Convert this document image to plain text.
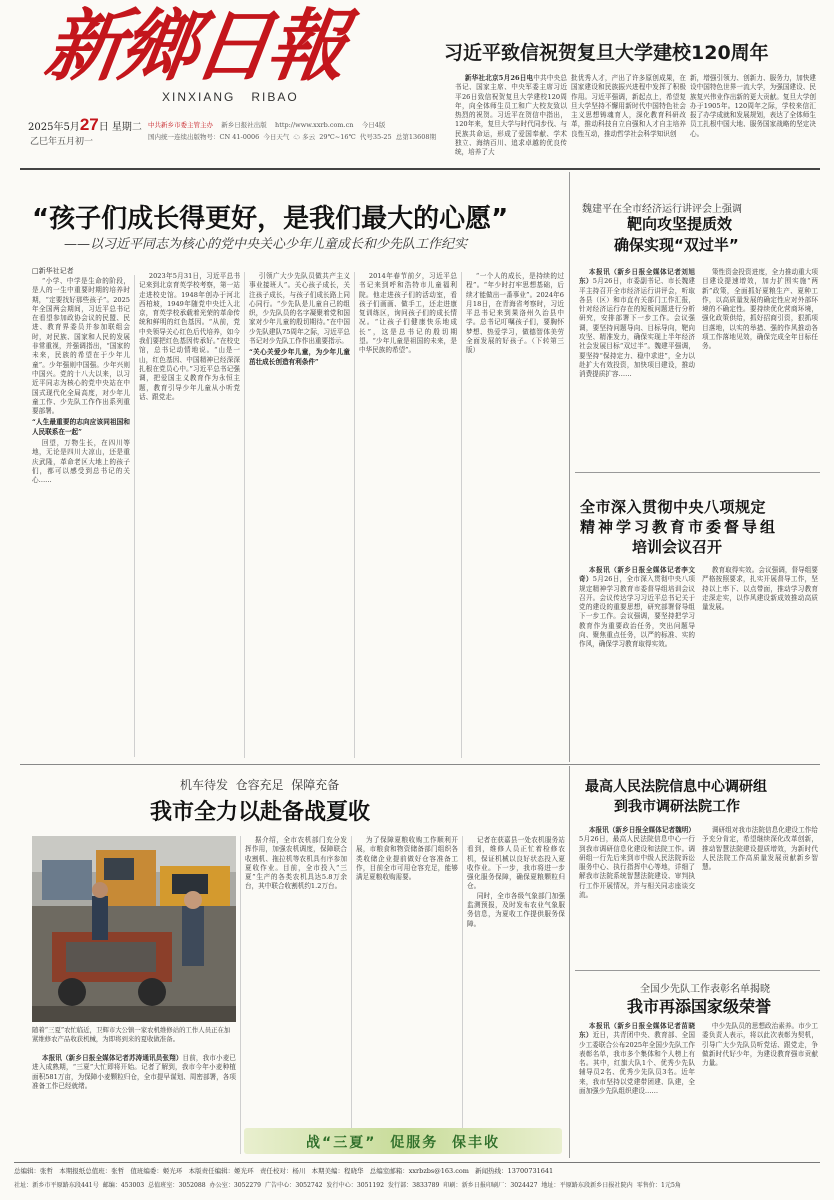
新鄉日報
XINXIANG   RIBAO
2025年5月27日 星期二
乙巳年五月初一
中共新乡市委主管主办 新乡日报社出版 http://www.xxrb.com.cn 今日4版
国内统一连续出版物号：CN 41-0006 今日天气 ☁ 多云 29℃~16℃ 代号35-25 总第13608期
习近平致信祝贺复旦大学建校120周年

新华社北京5月26日电中共中央总书记、国家主席、中央军委主席习近平26日致信祝贺复旦大学建校120周年，向全体师生员工和广大校友致以热烈的祝贺。习近平在贺信中指出，120年来，复旦大学与时代同步伐、与民族共命运，形成了爱国奉献、学术独立、海纳百川、追求卓越的优良传统，培养了大

批优秀人才，产出了许多原创成果，在国家建设和民族振兴进程中发挥了积极作用。习近平强调，新起点上，希望复旦大学坚持不懈用新时代中国特色社会主义思想铸魂育人，深化教育科研改革，推动科技自立自强和人才自主培养良性互动，推动哲学社会科学知识创

新，增强引领力、创新力、服务力，加快建设中国特色世界一流大学，为强国建设、民族复兴伟业作出新的更大贡献。复旦大学创办于1905年。120周年之际，学校来信汇报了办学成就和发展规划，表达了全体师生员工扎根中国大地、服务国家战略的坚定决心。

“孩子们成长得更好，是我们最大的心愿”
——以习近平同志为核心的党中央关心少年儿童成长和少先队工作纪实
□新华社记者

“小学、中学是生命的阶段，是人的一生中重要时期的培养时期，“定要找好那些孩子”。2025年全国两会期间，习近平总书记在看望参加政协会议的民盟、民进、教育界委员并参加联组会时，对民族、国家和人民的发展非常重视，并强调指出，“国家的未来，民族的希望在于少年儿童”。少年强则中国强。少年兴则中国兴。党的十八大以来，以习近平同志为核心的党中央站在中国式现代化全局高度，对少年儿童工作、少先队工作作出系列重要部署。

“人生最重要的志向应该同祖国和人民联系在一起”

回望，万物生长，在四川等地，无论是四川大凉山，还是重庆武隆，革命老区大地上的孩子们，都可以感受到总书记的关心……

2023年5月31日，习近平总书记来到北京育英学校考察，第一站走进校史馆。1948年创办于河北西柏坡，1949年随党中央迁入北京，育英学校承载着光荣的革命传统和鲜明的红色基因。“从前，党中央领导关心红色后代培养，如今我们要把红色基因传承好。”在校史馆，总书记动情地说。“山是一山，红色基因、中国精神已经深深扎根在党员心中。”习近平总书记强调，把爱国主义教育作为永恒主题，教育引导少年儿童从小听党话、跟党走。

引领广大少先队员做共产主义事业接班人”。关心孩子成长，关注孩子成长，与孩子们成长路上同心同行。“少先队是儿童自己的组织，少先队员的名字凝聚着党和国家对少年儿童的殷切期待。”在中国少先队建队75周年之际，习近平总书记对少先队工作作出重要指示。

“关心关爱少年儿童，为少年儿童茁壮成长创造有利条件”

2014年春节前夕，习近平总书记来到呼和浩特市儿童福利院。他走进孩子们的活动室，看孩子们画画、做手工，还走进康复训练区，询问孩子们的成长情况。“让孩子们健康快乐地成长”，这是总书记的殷切期望。“少年儿童是祖国的未来，是中华民族的希望”。

“一个人的成长，是持续的过程”。“年少时打牢思想基础，后续才能做出一番事业”。2024年6月18日，在青海省考察时，习近平总书记来到果洛州久治县中学。总书记叮嘱孩子们，要胸怀梦想、热爱学习，做德智体美劳全面发展的好孩子。（下转第三版）

魏建平在全市经济运行讲评会上强调
靶向攻坚提质效
确保实现“双过半”

本报讯（新乡日报全媒体记者刘旭东）5月26日，市委副书记、市长魏建平主持召开全市经济运行讲评会，听取各县（区）和市直有关部门工作汇报，针对经济运行存在的短板问题进行分析研究，安排部署下一步工作。会议强调，要坚持问题导向、目标导向，靶向攻坚、精准发力，确保实现上半年经济社会发展目标“双过半”。魏建平强调，要坚持“保持定力、稳中求进”，全力以赴扩大有效投资，加快项目建设，推动消费提质扩容……

策性资金投资进度，全力推动重大项目建设提速增效，加力扩围实施“两新”政策，全面抓好夏粮生产、夏种工作，以高质量发展的确定性应对外部环境的不确定性。要持续优化营商环境，强化政策供给，抓好招商引资，狠抓项目落地，以实的举措、强的作风推动各项工作落地见效，确保完成全年目标任务。

全市深入贯彻中央八项规定
精神学习教育市委督导组
培训会议召开

本报讯（新乡日报全媒体记者李文奇）5月26日，全市深入贯彻中央八项规定精神学习教育市委督导组培训会议召开。会议传达学习习近平总书记关于党的建设的重要思想，研究部署督导组下一步工作。会议强调，要坚持把学习教育作为重要政治任务，突出问题导向、聚焦重点任务，以严的标准、实的作风，确保学习教育取得实效。

教育取得实效。会议强调，督导组要严格按照要求，扎实开展督导工作，坚持以上率下、以点带面，推动学习教育走深走实，以作风建设新成效推动高质量发展。

最高人民法院信息中心调研组
到我市调研法院工作

本报讯（新乡日报全媒体记者魏明）5月26日，最高人民法院信息中心一行到我市调研信息化建设和法院工作。调研组一行先后来到市中级人民法院诉讼服务中心、执行指挥中心等地，详细了解我市法院系统智慧法院建设、审判执行工作开展情况，并与相关同志座谈交流。

调研组对我市法院信息化建设工作给予充分肯定，希望继续深化改革创新，推动智慧法院建设提质增效，为新时代人民法院工作高质量发展贡献新乡智慧。

全国少先队工作表彰名单揭晓
我市再添国家级荣誉

本报讯（新乡日报全媒体记者苗晓东）近日，共青团中央、教育部、全国少工委联合公布2025年全国少先队工作表彰名单，我市多个集体和个人榜上有名。其中，红旗大队1个、优秀少先队辅导员2名、优秀少先队员3名。近年来，我市坚持以党建带团建、队建，全面加强少先队组织建设……

中少先队员的思想政治素养。市少工委负责人表示，将以此次表彰为契机，引导广大少先队员听党话、跟党走，争做新时代好少年，为建设教育强市贡献力量。

机车待发  仓容充足  保障充备
我市全力以赴备战夏收
随着“三夏”农忙临近，卫辉市大公镇一家农机维修站的工作人员正在加紧维修农产品收获机械，为即将到来的夏收做准备。

本报讯（新乡日报全媒体记者苏涛通讯员张翔）目前，我市小麦已进入成熟期，“三夏”大忙即将开始。记者了解到，我市今年小麦种植面积581万亩，为保障小麦颗粒归仓，全市提早谋划、周密部署，各项准备工作已经就绪。

据介绍，全市农机部门充分发挥作用，加强农机调度，保障联合收割机、拖拉机等农机具有序参加夏收作业。目前，全市投入“三夏”生产的各类农机具达5.8万余台，其中联合收割机约1.2万台。

为了保障夏粮收购工作顺利开展，市粮食和物资储备部门组织各类收储企业提前做好仓容准备工作，目前全市可用仓容充足，能够满足夏粮收购需要。

记者在获嘉县一处农机服务站看到，维修人员正忙着检修农机，保证机械以良好状态投入夏收作业。下一步，我市将进一步强化服务保障，确保夏粮颗粒归仓。

同时，全市各级气象部门加强监测预报，及时发布农业气象服务信息，为夏收工作提供服务保障。

战“三夏”  促服务  保丰收
总编辑：张哲 本期报纸总值班：张哲 值班编委：姬光环 本版责任编辑：姬光环 责任校对：杨川 本期美编：程晓华 总编室邮箱：xxrbzbs@163.com 新闻热线：13700731641
社址：新乡市平原路东段441号 邮编：453003 总值班室：3052088 办公室：3052279 广告中心：3052742 发行中心：3051192 发行部：3833789 印刷：新乡日报印刷厂：3024427 地址：平原路东段新乡日报社院内 零售价：1元5角
